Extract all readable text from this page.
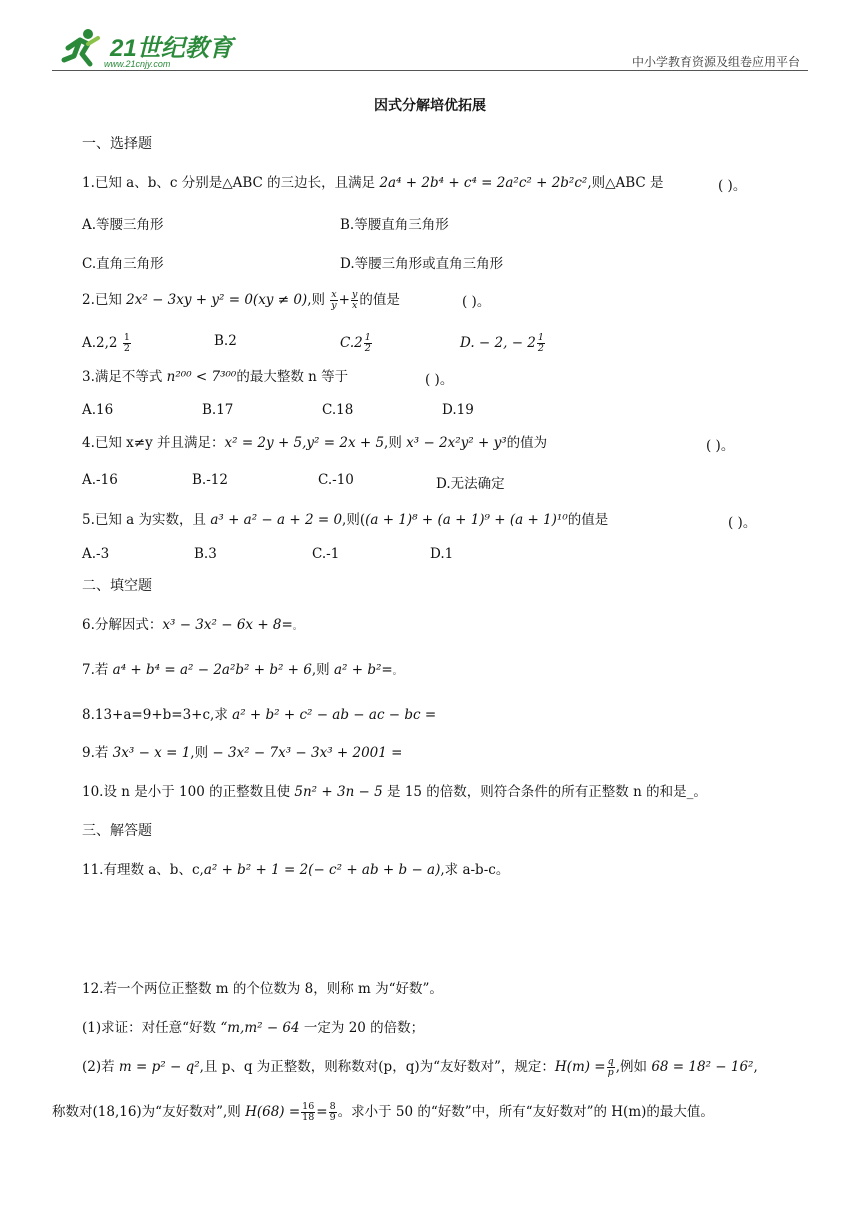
21世纪教育
www.21cnjy.com	中小学教育资源及组卷应用平台
因式分解培优拓展
一、选择题
1.已知 a、b、c 分别是△ABC 的三边长，且满足 2a⁴ + 2b⁴ + c⁴ = 2a²c² + 2b²c²,则△ABC 是	( )。
A.等腰三角形	B.等腰直角三角形
C.直角三角形	D.等腰三角形或直角三角形
2.已知 2x² − 3xy + y² = 0(xy ≠ 0),则 $\frac{x}{y} + \frac{y}{x}$ 的值是	( )。
$A.2,2 \frac{1}{2}$	B.2	$C.2 \frac{1}{2}$	D. − 2, − $2 \frac{1}{2}$
3.满足不等式 n²⁰⁰ < 7³⁰⁰的最大整数 n 等于	( )。
A.16	B.17	C.18	D.19
4.已知 x≠y 并且满足：x² = 2y + 5,y² = 2x + 5,则 x³ − 2x²y² + y³的值为	( )。
A.-16	B.-12	C.-10	D.无法确定
5.已知 a 为实数，且 a³ + a² − a + 2 = 0,则((a + 1)⁸ + (a + 1)⁹ + (a + 1)¹⁰的值是	( )。
A.-3	B.3	C.-1	D.1
二、填空题
6.分解因式：x³ − 3x² − 6x + 8=。
7.若 a⁴ + b⁴ = a² − 2a²b² + b² + 6,则 a² + b²=。
8.13+a=9+b=3+c,求 a² + b² + c² − ab − ac − bc =
9.若 3x³ − x = 1,则 − 3x² − 7x³ − 3x³ + 2001 =
10.设 n 是小于 100 的正整数且使 5n² + 3n − 5 是 15 的倍数，则符合条件的所有正整数 n 的和是_。
三、解答题
11.有理数 a、b、c,a² + b² + 1 = 2(− c² + ab + b − a),求 a-b-c。
12.若一个两位正整数 m 的个位数为 8，则称 m 为“好数”。
(1)求证：对任意“好数 “m,m² − 64 一定为 20 的倍数；
(2)若 m = p² − q²,且 p、q 为正整数，则称数对(p，q)为“友好数对”，规定：$H(m) = \frac{q}{p}$ ,例如 68 = 18² − 16²,
称数对(18,16)为“友好数对”,则 $H(68) = \frac{16}{18} = \frac{8}{9}$ 。求小于 50 的“好数”中，所有“友好数对”的 H(m)的最大值。
